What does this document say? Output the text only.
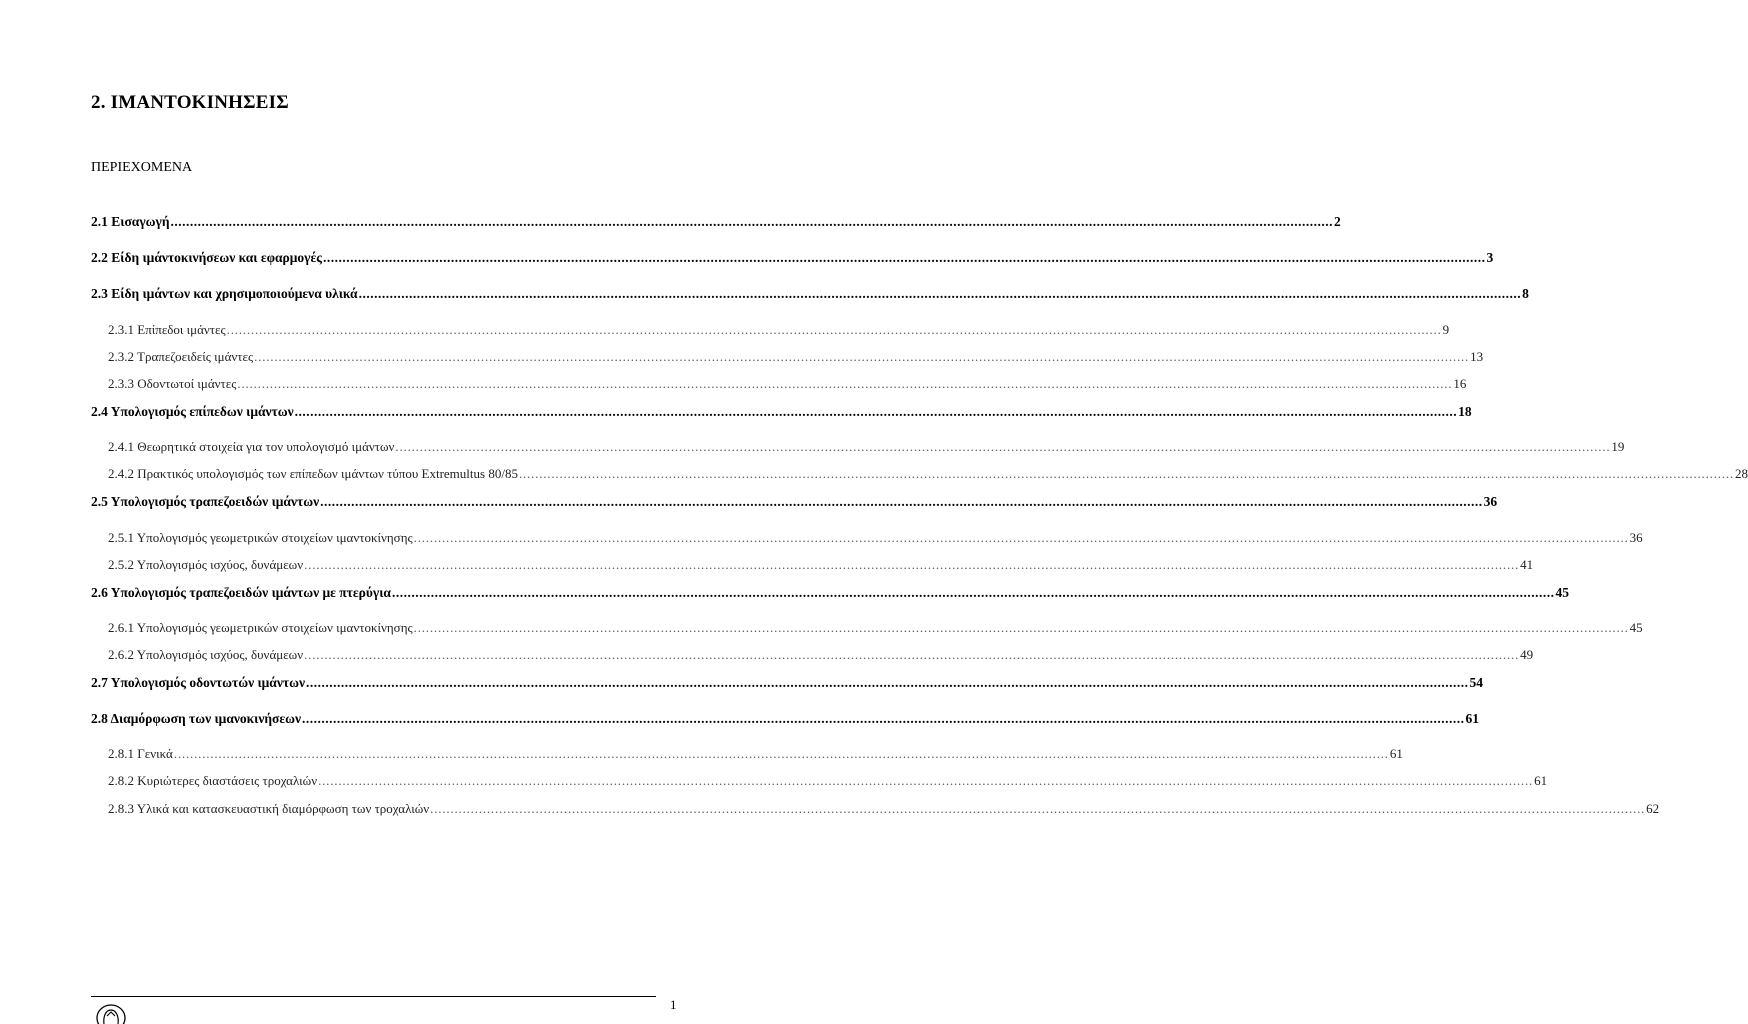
2. ΙΜΑΝΤΟΚΙΝΗΣΕΙΣ
ΠΕΡΙΕΧΟΜΕΝΑ
2.1 Εισαγωγή ............................................................................................................................................................................................................................................................................................................ 2
2.2 Είδη ιμάντοκινήσεων και εφαρμογές ............................................................................................................................................................................................................................................................................................................ 3
2.3 Είδη ιμάντων και χρησιμοποιούμενα υλικά ............................................................................................................................................................................................................................................................................................................ 8
2.3.1 Επίπεδοι ιμάντες ............................................................................................................................................................................................................................................................................................................ 9
2.3.2 Τραπεζοειδείς ιμάντες ............................................................................................................................................................................................................................................................................................................ 13
2.3.3 Οδοντωτοί ιμάντες ............................................................................................................................................................................................................................................................................................................ 16
2.4 Υπολογισμός επίπεδων ιμάντων ............................................................................................................................................................................................................................................................................................................ 18
2.4.1 Θεωρητικά στοιχεία για τον υπολογισμό ιμάντων ............................................................................................................................................................................................................................................................................................................ 19
2.4.2 Πρακτικός υπολογισμός των επίπεδων ιμάντων τύπου Extremultus 80/85 ............................................................................................................................................................................................................................................................................................................ 28
2.5 Υπολογισμός τραπεζοειδών ιμάντων ............................................................................................................................................................................................................................................................................................................ 36
2.5.1 Υπολογισμός γεωμετρικών στοιχείων ιμαντοκίνησης ............................................................................................................................................................................................................................................................................................................ 36
2.5.2 Υπολογισμός ισχύος, δυνάμεων ............................................................................................................................................................................................................................................................................................................ 41
2.6 Υπολογισμός τραπεζοειδών ιμάντων με πτερύγια ............................................................................................................................................................................................................................................................................................................ 45
2.6.1 Υπολογισμός γεωμετρικών στοιχείων ιμαντοκίνησης ............................................................................................................................................................................................................................................................................................................ 45
2.6.2 Υπολογισμός ισχύος, δυνάμεων ............................................................................................................................................................................................................................................................................................................ 49
2.7 Υπολογισμός οδοντωτών ιμάντων ............................................................................................................................................................................................................................................................................................................ 54
2.8 Διαμόρφωση των ιμανοκινήσεων ............................................................................................................................................................................................................................................................................................................ 61
2.8.1 Γενικά ............................................................................................................................................................................................................................................................................................................ 61
2.8.2 Κυριώτερες διαστάσεις τροχαλιών ............................................................................................................................................................................................................................................................................................................ 61
2.8.3 Υλικά και κατασκευαστική διαμόρφωση των τροχαλιών ............................................................................................................................................................................................................................................................................................................ 62
1
